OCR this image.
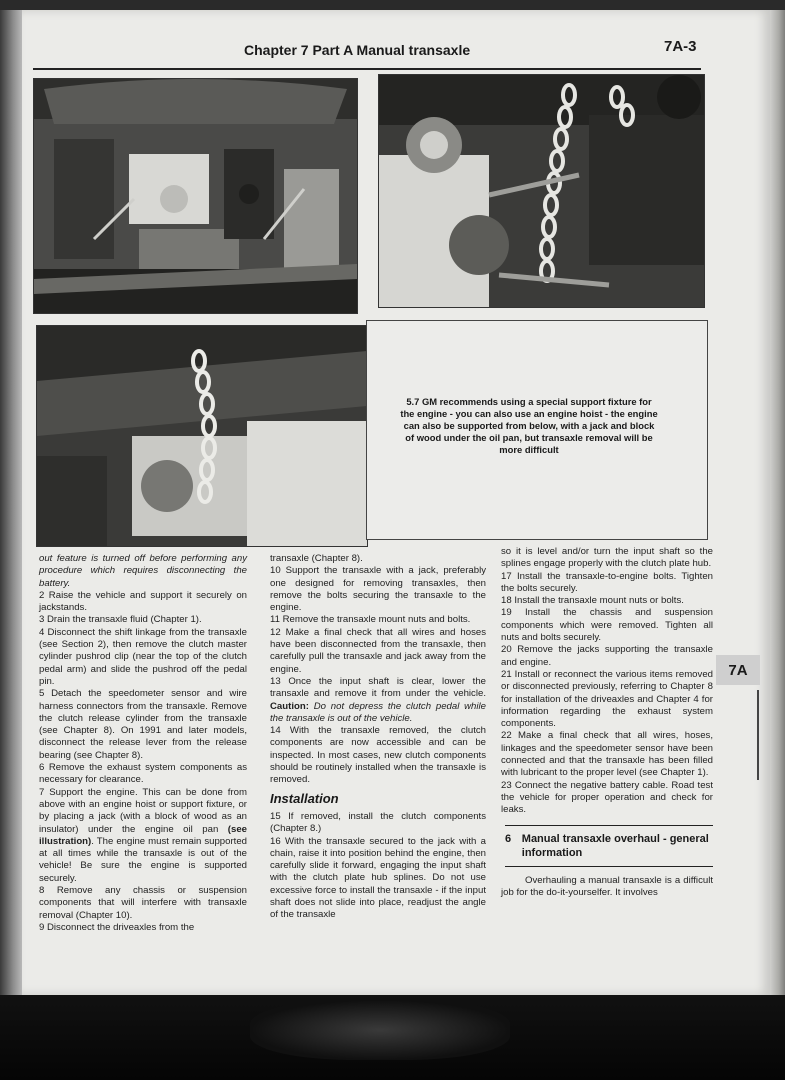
Chapter 7 Part A Manual transaxle	7A-3
5.7 GM recommends using a special support fixture for the engine - you can also use an engine hoist - the engine can also be supported from below, with a jack and block of wood under the oil pan, but transaxle removal will be more difficult

out feature is turned off before performing any procedure which requires disconnecting the battery.

2 Raise the vehicle and support it securely on jackstands.

3 Drain the transaxle fluid (Chapter 1).

4 Disconnect the shift linkage from the transaxle (see Section 2), then remove the clutch master cylinder pushrod clip (near the top of the clutch pedal arm) and slide the pushrod off the pedal pin.

5 Detach the speedometer sensor and wire harness connectors from the transaxle. Remove the clutch release cylinder from the transaxle (see Chapter 8). On 1991 and later models, disconnect the release lever from the release bearing (see Chapter 8).

6 Remove the exhaust system components as necessary for clearance.

7 Support the engine. This can be done from above with an engine hoist or support fixture, or by placing a jack (with a block of wood as an insulator) under the engine oil pan (see illustration). The engine must remain supported at all times while the transaxle is out of the vehicle! Be sure the engine is supported securely.

8 Remove any chassis or suspension components that will interfere with transaxle removal (Chapter 10).

9 Disconnect the driveaxles from the

transaxle (Chapter 8).

10 Support the transaxle with a jack, preferably one designed for removing transaxles, then remove the bolts securing the transaxle to the engine.

11 Remove the transaxle mount nuts and bolts.

12 Make a final check that all wires and hoses have been disconnected from the transaxle, then carefully pull the transaxle and jack away from the engine.

13 Once the input shaft is clear, lower the transaxle and remove it from under the vehicle. Caution: Do not depress the clutch pedal while the transaxle is out of the vehicle.

14 With the transaxle removed, the clutch components are now accessible and can be inspected. In most cases, new clutch components should be routinely installed when the transaxle is removed.

Installation

15 If removed, install the clutch components (Chapter 8.)

16 With the transaxle secured to the jack with a chain, raise it into position behind the engine, then carefully slide it forward, engaging the input shaft with the clutch plate hub splines. Do not use excessive force to install the transaxle - if the input shaft does not slide into place, readjust the angle of the transaxle

so it is level and/or turn the input shaft so the splines engage properly with the clutch plate hub.

17 Install the transaxle-to-engine bolts. Tighten the bolts securely.

18 Install the transaxle mount nuts or bolts.

19 Install the chassis and suspension components which were removed. Tighten all nuts and bolts securely.

20 Remove the jacks supporting the transaxle and engine.

21 Install or reconnect the various items removed or disconnected previously, referring to Chapter 8 for installation of the driveaxles and Chapter 4 for information regarding the exhaust system components.

22 Make a final check that all wires, hoses, linkages and the speedometer sensor have been connected and that the transaxle has been filled with lubricant to the proper level (see Chapter 1).

23 Connect the negative battery cable. Road test the vehicle for proper operation and check for leaks.

6 Manual transaxle overhaul - general information

Overhauling a manual transaxle is a difficult job for the do-it-yourselfer. It involves

7A
